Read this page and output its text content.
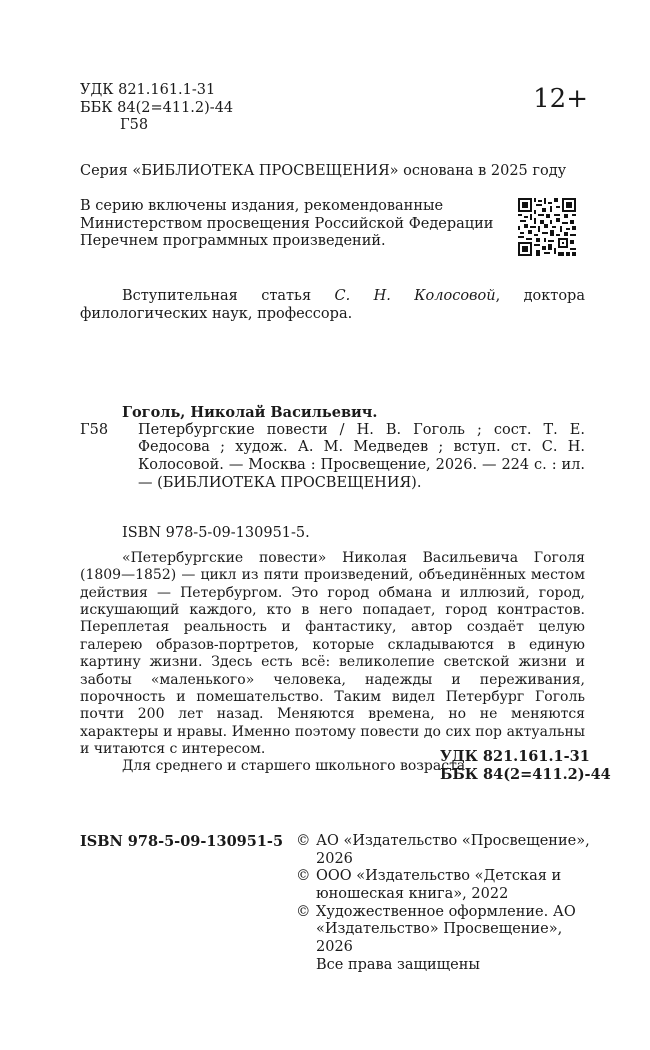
УДК 821.161.1-31
ББК 84(2=411.2)-44
Г58
12+
Серия «БИБЛИОТЕКА ПРОСВЕЩЕНИЯ» основана в 2025 году
В серию включены издания, рекомендованные Министерством просвещения Российской Федерации Перечнем программных произведений.
Вступительная статья С. Н. Колосовой, доктора филологических наук, профессора.
Гоголь, Николай Васильевич.
Г58	Петербургские повести / Н. В. Гоголь ; сост. Т. Е. Федосова ; худож. А. М. Медведев ; вступ. ст. С. Н. Колосовой. — Москва : Просвещение, 2026. — 224 с. : ил. — (БИБЛИОТЕКА ПРОСВЕЩЕНИЯ).
ISBN 978-5-09-130951-5.

«Петербургские повести» Николая Васильевича Гоголя (1809—1852) — цикл из пяти произведений, объединённых местом действия — Петербургом. Это город обмана и иллюзий, город, искушающий каждого, кто в него попадает, город контрастов. Переплетая реальность и фантастику, автор создаёт целую галерею образов-портретов, которые складываются в единую картину жизни. Здесь есть всё: великолепие светской жизни и заботы «маленького» человека, надежды и переживания, порочность и помешательство. Таким видел Петербург Гоголь почти 200 лет назад. Меняются времена, но не меняются характеры и нравы. Именно поэтому повести до сих пор актуальны и читаются с интересом.

Для среднего и старшего школьного возраста.

УДК 821.161.1-31
ББК 84(2=411.2)-44
ISBN 978-5-09-130951-5 © АО «Издательство «Просвещение», 2026
© ООО «Издательство «Детская и юношеская книга», 2022
© Художественное оформление. АО «Издательство» Просвещение», 2026
Все права защищены
